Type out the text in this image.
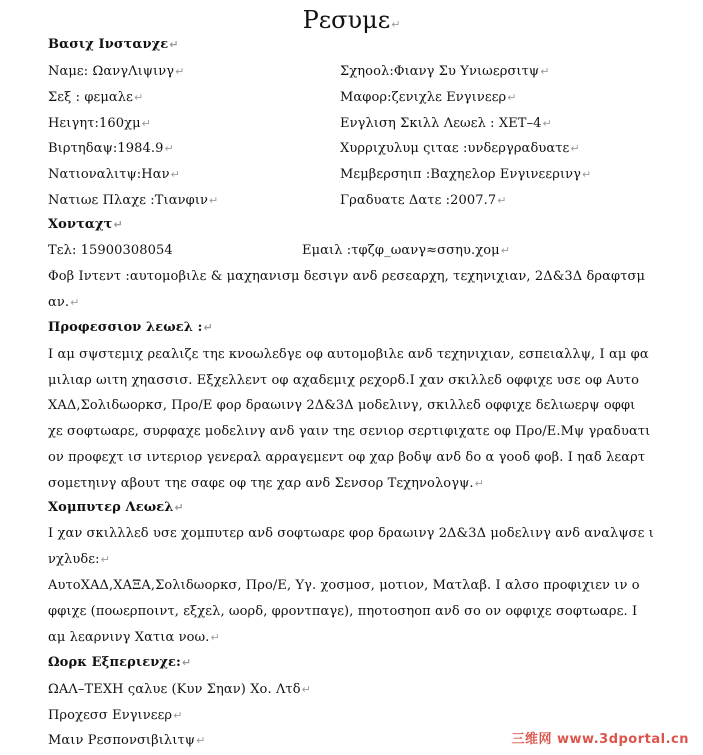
Ρεσυμε↵
Βασιχ Ινστανχε↵
Ναμε: ΩανγΛιψινγ↵
Σεξ : φεμαλε↵
Ηειγητ:160χμ↵
Βιρτηδαψ:1984.9↵
Νατιοναλιτψ:Ηαν↵
Νατιωε Πλαχε :Τιανφιν↵
Σχηοολ:Φιανγ Συ Υνιωερσιτψ↵
Μαφορ:ζενιχλε Ενγινεερ↵
Ενγλιση Σκιλλ Λεωελ : ΧΕΤ–4↵
Χυρριχυλυμ ςιταε :υνδεργραδυατε↵
Μεμβερσηιπ :Βαχηελορ Ενγινεερινγ↵
Γραδυατε Δατε :2007.7↵
Χονταχτ↵
Τελ: 15900308054	Εμαιλ :τφζφ_ωανγ≈σσηυ.χομ↵
Φοβ Ιντεντ :αυτομοβιλε & μαχηανισμ δεσιγν ανδ ρεσεαρχη, τεχηνιχιαν, 2Δ&3Δ δραφτσμ
αν.↵
Προφεσσιον λεωελ :↵
Ι αμ σψστεμιχ ρεαλιζε τηε κνοωλεδγε οφ αυτομοβιλε ανδ τεχηνιχιαν, εσπειαλλψ, Ι αμ φα
μιλιαρ ωιτη χηασσισ. Εξχελλεντ οφ αχαδεμιχ ρεχορδ.Ι χαν σκιλλεδ οφφιχε υσε οφ Αυτο
ΧΑΔ,Σολιδωορκσ, Προ/Ε φορ δραωινγ 2Δ&3Δ μοδελινγ, σκιλλεδ οφφιχε δελιωερψ οφφι
χε σοφτωαρε, συρφαχε μοδελινγ ανδ γαιν τηε σενιορ σερτιφιχατε οφ Προ/Ε.Μψ γραδυατι
ον προφεχτ ισ ιντεριορ γενεραλ αρραγεμεντ οφ χαρ βοδψ ανδ δο α γοοδ φοβ. Ι ηαδ λεαρτ
σομετηινγ αβουτ τηε σαφε οφ τηε χαρ ανδ Σενσορ Τεχηνολογψ.↵
Χομπυτερ Λεωελ↵
Ι χαν σκιλλλεδ υσε χομπυτερ ανδ σοφτωαρε φορ δραωινγ 2Δ&3Δ μοδελινγ ανδ αναλψσε ι
νχλυδε:↵
ΑυτοΧΑΔ,ΧΑΞΑ,Σολιδωορκσ, Προ/Ε, Υγ. χοσμοσ, μοτιον, Ματλαβ. Ι αλσο προφιχιεν ιν ο
φφιχε (πoωερπoιντ, εξχελ, ωορδ, φροντπαγε), πηοτοσηοπ ανδ σο ον οφφιχε σοφτωαρε. Ι
αμ λεαρνινγ Χατια νοω.↵
Ωορκ Εξπεριενχε:↵
ΩΑΛ–ΤΕΧΗ ςαλυε (Κυν Σηαν) Χο. Λτδ↵
Προχεσσ Ενγινεερ↵
Μαιν Ρεσπονσιβιλιτψ↵	三维网 www.3dportal.cn
